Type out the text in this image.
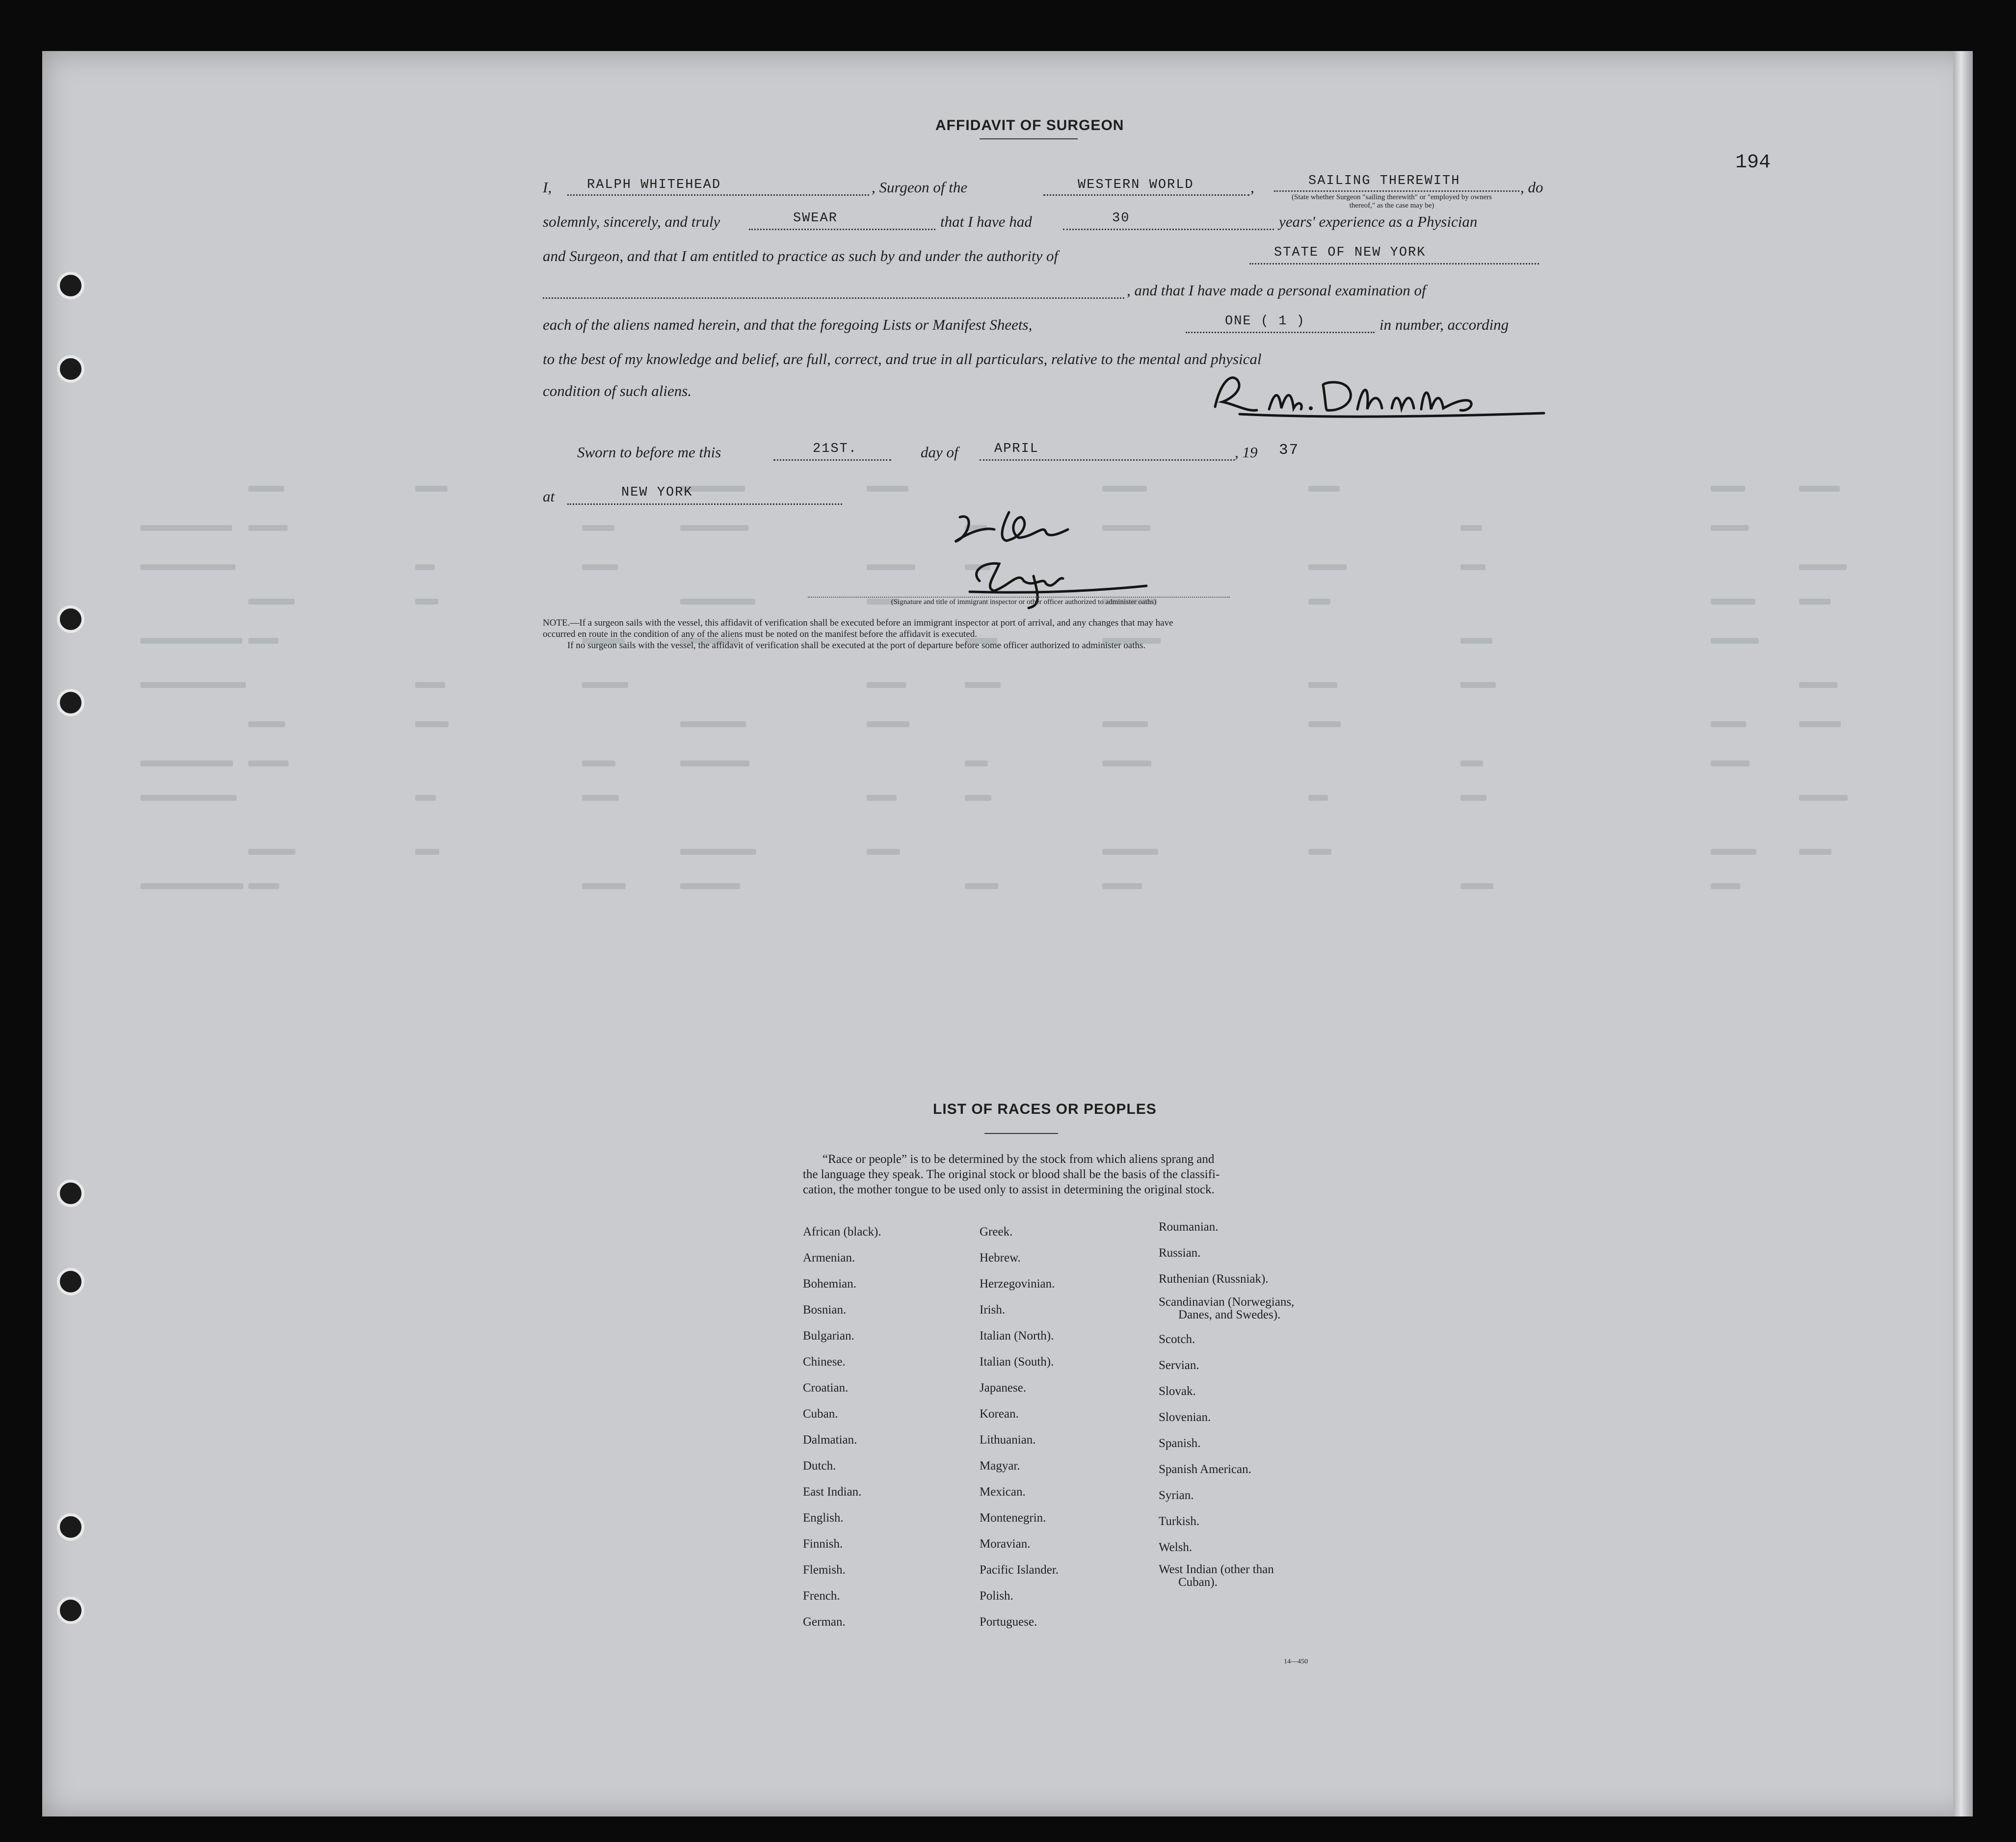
194
AFFIDAVIT OF SURGEON
I,	RALPH WHITEHEAD	, Surgeon of the	WESTERN WORLD	,	SAILING THEREWITH
(State whether Surgeon "sailing therewith" or "employed by owners thereof," as the case may be)
, do
solemnly, sincerely, and truly	SWEAR	that I have had	30	years' experience as a Physician
and Surgeon, and that I am entitled to practice as such by and under the authority of	STATE OF NEW YORK
, and that I have made a personal examination of
each of the aliens named herein, and that the foregoing Lists or Manifest Sheets,	ONE ( 1 )	in number, according
to the best of my knowledge and belief, are full, correct, and true in all particulars, relative to the mental and physical
condition of such aliens.
Sworn to before me this	21ST.	day of	APRIL	, 19 37
at	NEW YORK
(Signature and title of immigrant inspector or other officer authorized to administer oaths)
NOTE.—If a surgeon sails with the vessel, this affidavit of verification shall be executed before an immigrant inspector at port of arrival, and any changes that may have
occurred en route in the condition of any of the aliens must be noted on the manifest before the affidavit is executed.
If no surgeon sails with the vessel, the affidavit of verification shall be executed at the port of departure before some officer authorized to administer oaths.
LIST OF RACES OR PEOPLES
“Race or people” is to be determined by the stock from which aliens sprang and
the language they speak. The original stock or blood shall be the basis of the classifi-
cation, the mother tongue to be used only to assist in determining the original stock.
African (black).
Armenian.
Bohemian.
Bosnian.
Bulgarian.
Chinese.
Croatian.
Cuban.
Dalmatian.
Dutch.
East Indian.
English.
Finnish.
Flemish.
French.
German.
Greek.
Hebrew.
Herzegovinian.
Irish.
Italian (North).
Italian (South).
Japanese.
Korean.
Lithuanian.
Magyar.
Mexican.
Montenegrin.
Moravian.
Pacific Islander.
Polish.
Portuguese.
Roumanian.
Russian.
Ruthenian (Russniak).
Scandinavian (Norwegians,
Danes, and Swedes).
Scotch.
Servian.
Slovak.
Slovenian.
Spanish.
Spanish American.
Syrian.
Turkish.
Welsh.
West Indian (other than
Cuban).
14—450
